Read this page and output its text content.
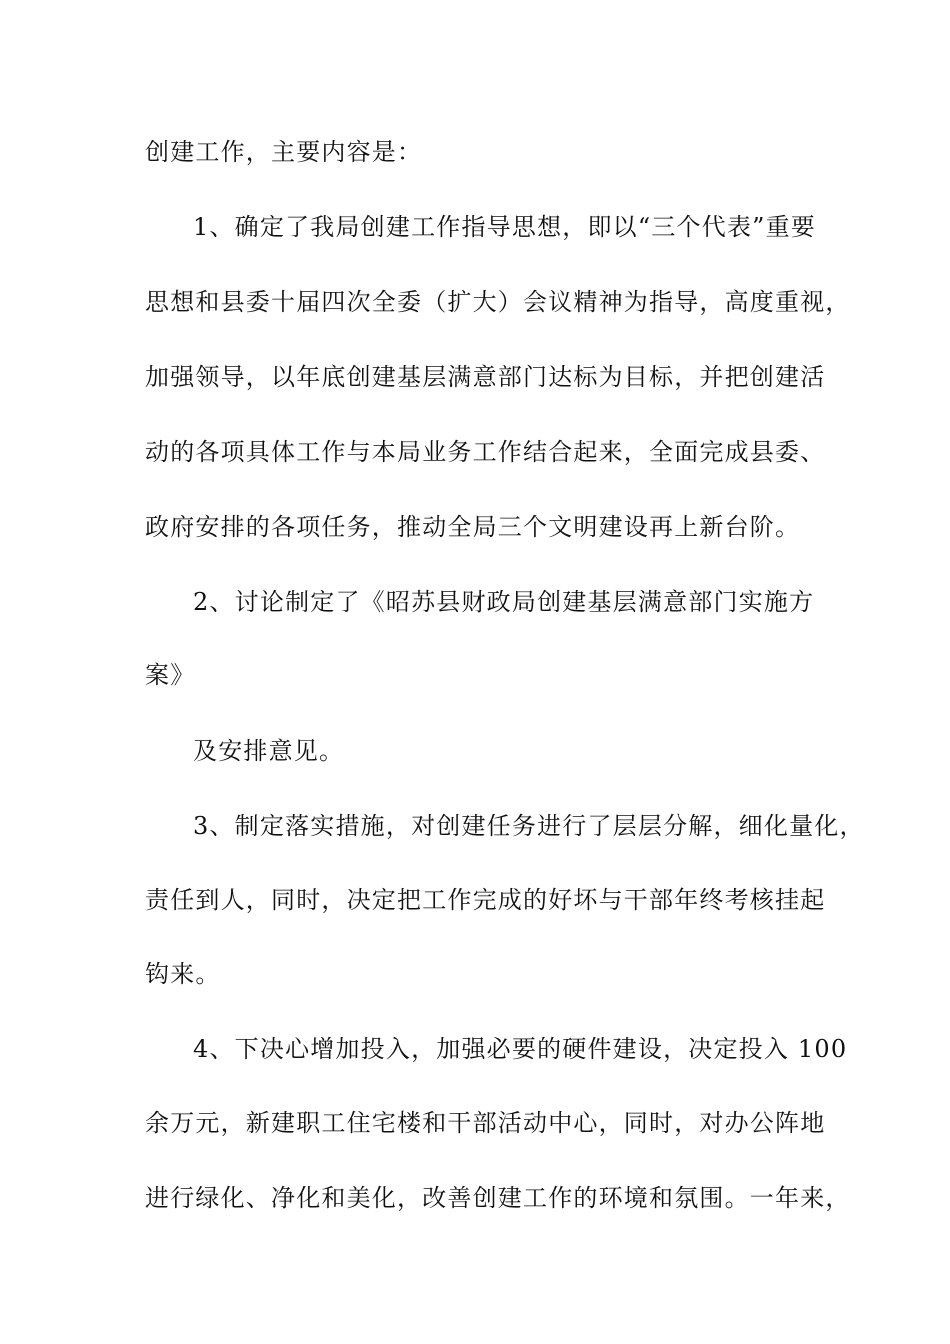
创建工作，主要内容是：
1、确定了我局创建工作指导思想，即以“三个代表”重要
思想和县委十届四次全委（扩大）会议精神为指导，高度重视，
加强领导，以年底创建基层满意部门达标为目标，并把创建活
动的各项具体工作与本局业务工作结合起来，全面完成县委、
政府安排的各项任务，推动全局三个文明建设再上新台阶。
2、讨论制定了《昭苏县财政局创建基层满意部门实施方
案》
及安排意见。
3、制定落实措施，对创建任务进行了层层分解，细化量化，
责任到人，同时，决定把工作完成的好坏与干部年终考核挂起
钩来。
4、下决心增加投入，加强必要的硬件建设，决定投入 100
余万元，新建职工住宅楼和干部活动中心，同时，对办公阵地
进行绿化、净化和美化，改善创建工作的环境和氛围。一年来，
